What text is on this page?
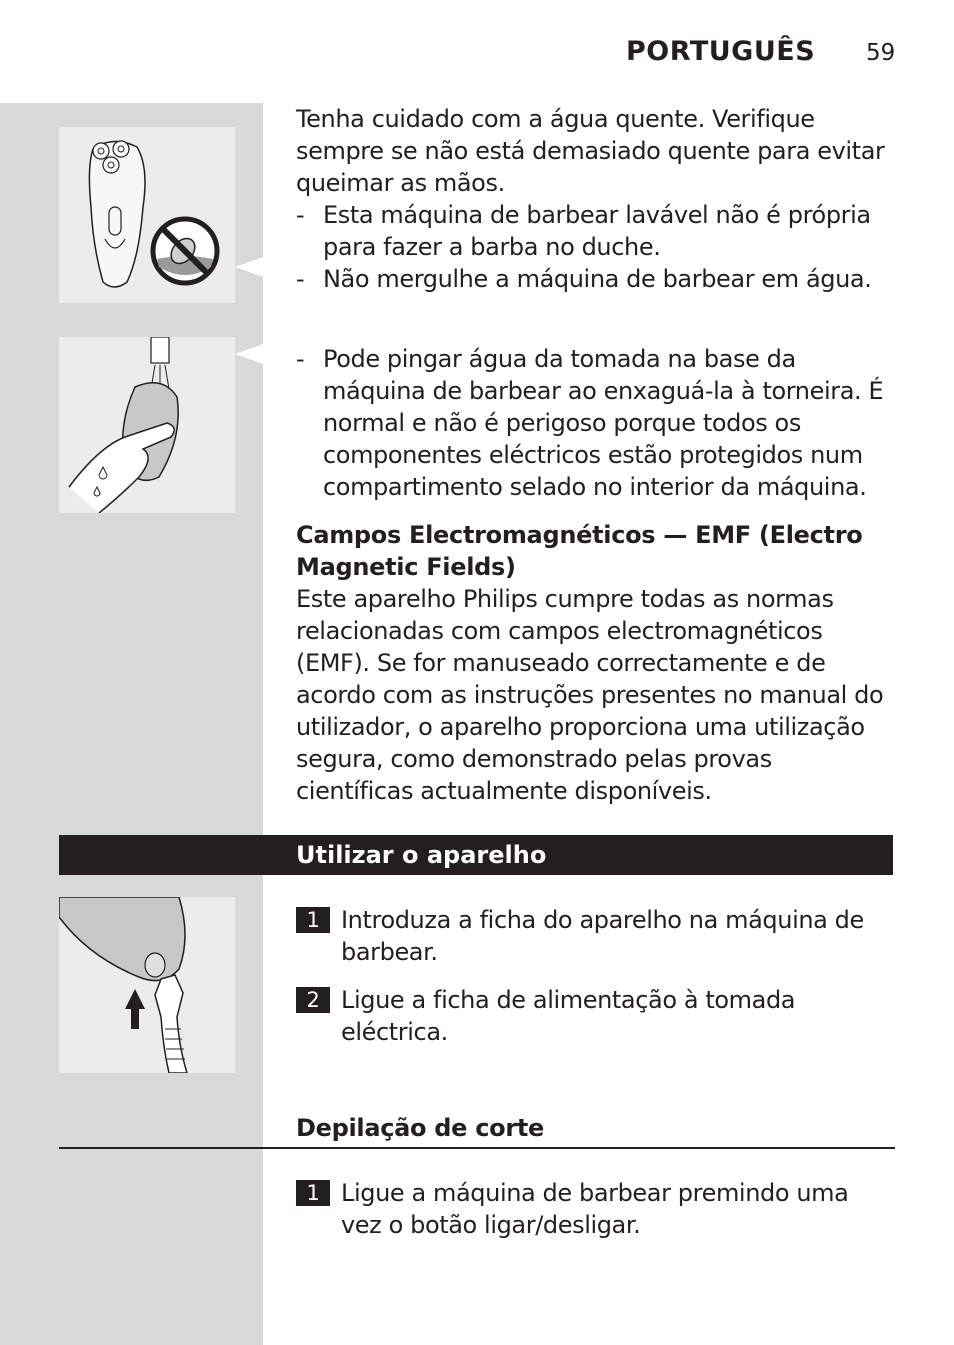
PORTUGUÊS 59

Tenha cuidado com a água quente. Verifique sempre se não está demasiado quente para evitar queimar as mãos.

- Esta máquina de barbear lavável não é própria para fazer a barba no duche.
- Não mergulhe a máquina de barbear em água.
- Pode pingar água da tomada na base da máquina de barbear ao enxaguá-la à torneira. É normal e não é perigoso porque todos os componentes eléctricos estão protegidos num compartimento selado no interior da máquina.

Campos Electromagnéticos — EMF (Electro Magnetic Fields)

Este aparelho Philips cumpre todas as normas relacionadas com campos electromagnéticos (EMF). Se for manuseado correctamente e de acordo com as instruções presentes no manual do utilizador, o aparelho proporciona uma utilização segura, como demonstrado pelas provas científicas actualmente disponíveis.

Utilizar o aparelho
1 Introduza a ficha do aparelho na máquina de barbear.
2 Ligue a ficha de alimentação à tomada eléctrica.
Depilação de corte
1 Ligue a máquina de barbear premindo uma vez o botão ligar/desligar.
